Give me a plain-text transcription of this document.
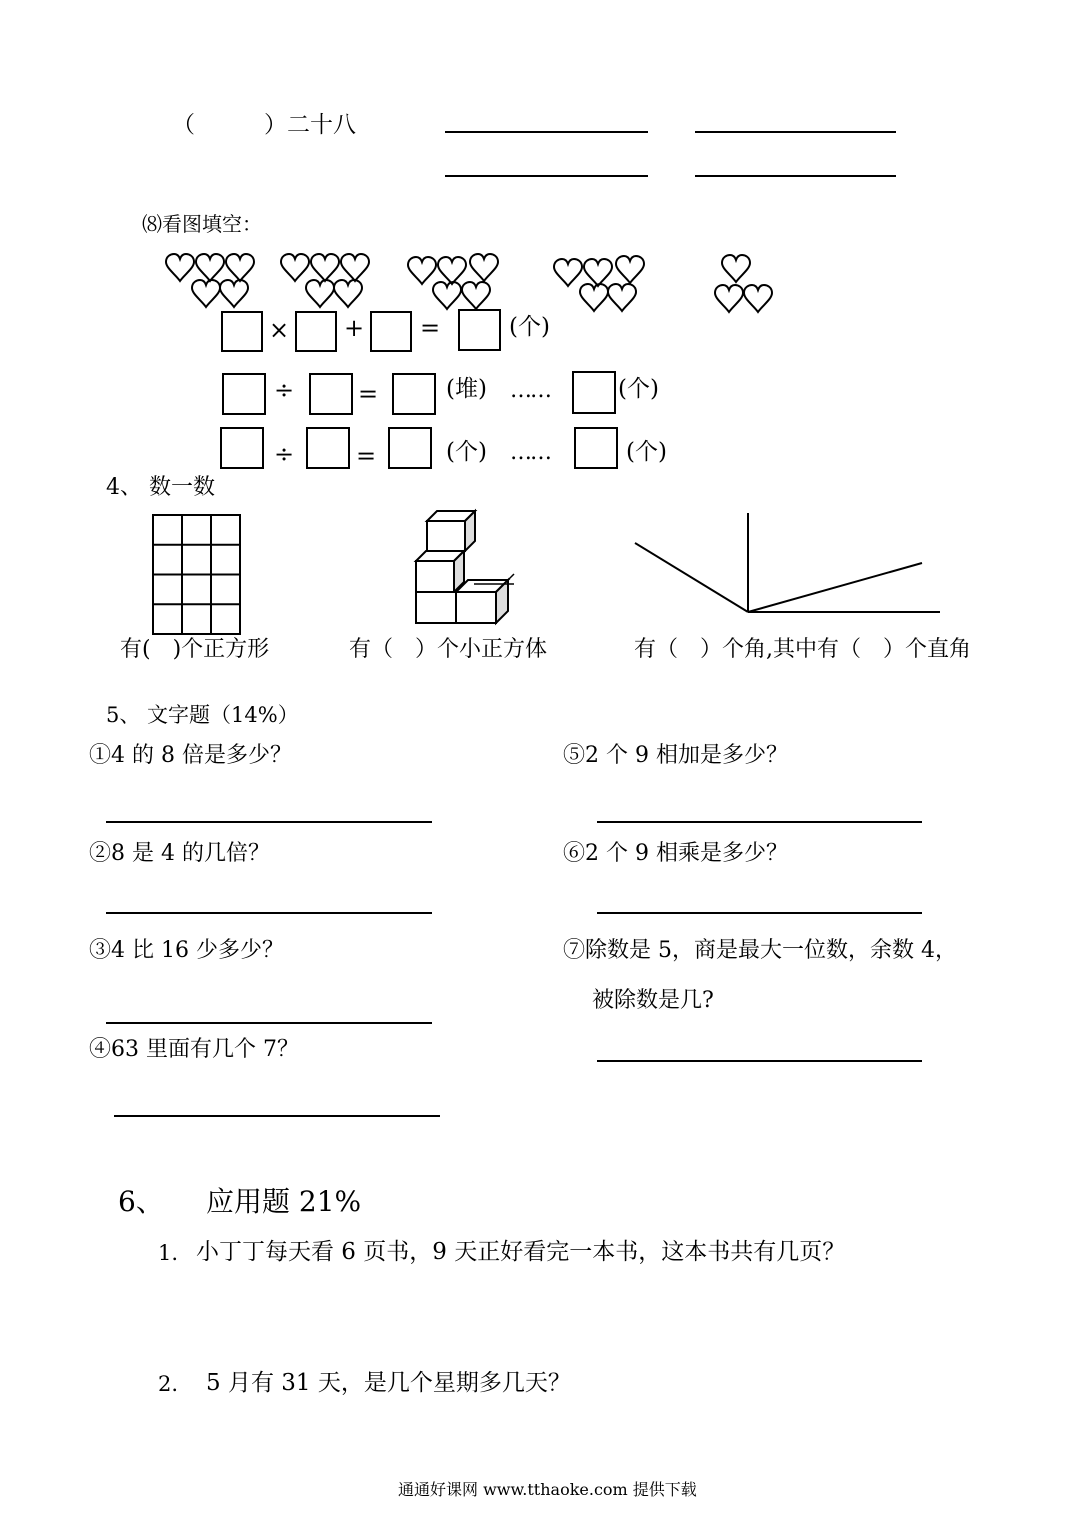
（　　　）二十八
⑻看图填空：
× + =	(个)
÷	=	(堆) ……	(个)
÷	=	(个) ……	(个)
4、 数一数
有(　)个正方形	有（　）个小正方体	有（　）个角,其中有（　）个直角
5、 文字题（14%）
①4 的 8 倍是多少？
②8 是 4 的几倍？
③4 比 16 少多少？
④63 里面有几个 7？
⑤2 个 9 相加是多少？
⑥2 个 9 相乘是多少？
⑦除数是 5，商是最大一位数，余数 4，
被除数是几?
6、 应用题 21%
1. 小丁丁每天看 6 页书，9 天正好看完一本书，这本书共有几页？
2. 5 月有 31 天，是几个星期多几天？
通通好课网 www.tthaoke.com 提供下载
